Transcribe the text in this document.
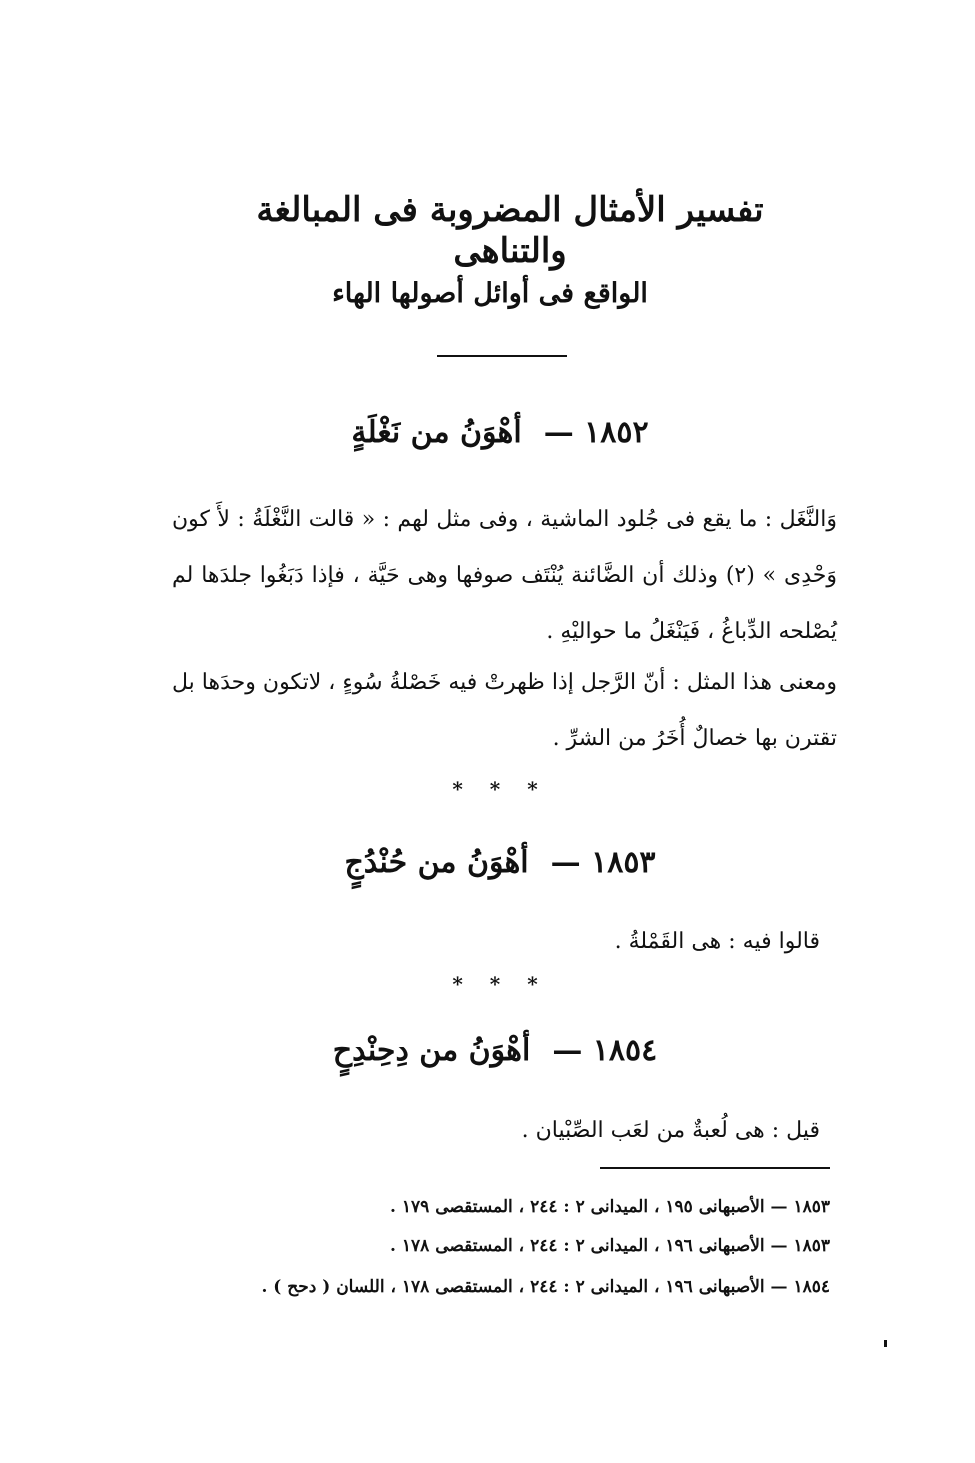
تفسير الأمثال المضروبة فى المبالغة والتناهى
الواقع فى أوائل أصولها الهاء
١٨٥٢ —أهْوَنُ من نَغْلَةٍ
وَالنَّغَل : ما يقع فى جُلود الماشية ، وفى مثل لهم : « قالت النَّغْلَةُ : لأَ كون وَحْدِى » (٢) وذلك أن الضَّائنة يُنْتَف صوفها وهى حَيَّة ، فإذا دَبَغُوا جلدَها لم يُصْلحه الدِّباغُ ، فَيَنْغَلُ ما حواليْهِ .
ومعنى هذا المثل : أنّ الرَّجل إذا ظهرتْ فيه خَصْلةُ سُوءٍ ، لاتكون وحدَها بل تقترن بها خصالٌ أُخَرُ من الشرِّ .
* * *
١٨٥٣ —أهْوَنُ من حُنْدُجٍ
قالوا فيه : هى القَمْلةُ .
* * *
١٨٥٤ —أهْوَنُ من دِحِنْدِحٍ
قيل : هى لُعبةٌ من لعَب الصِّبْيان .
١٨٥٣ — الأصبهانى ١٩٥ ، الميدانى ٢ : ٢٤٤ ، المستقصى ١٧٩ .
١٨٥٣ — الأصبهانى ١٩٦ ، الميدانى ٢ : ٢٤٤ ، المستقصى ١٧٨ .
١٨٥٤ — الأصبهانى ١٩٦ ، الميدانى ٢ : ٢٤٤ ، المستقصى ١٧٨ ، اللسان ( دحح ) .
